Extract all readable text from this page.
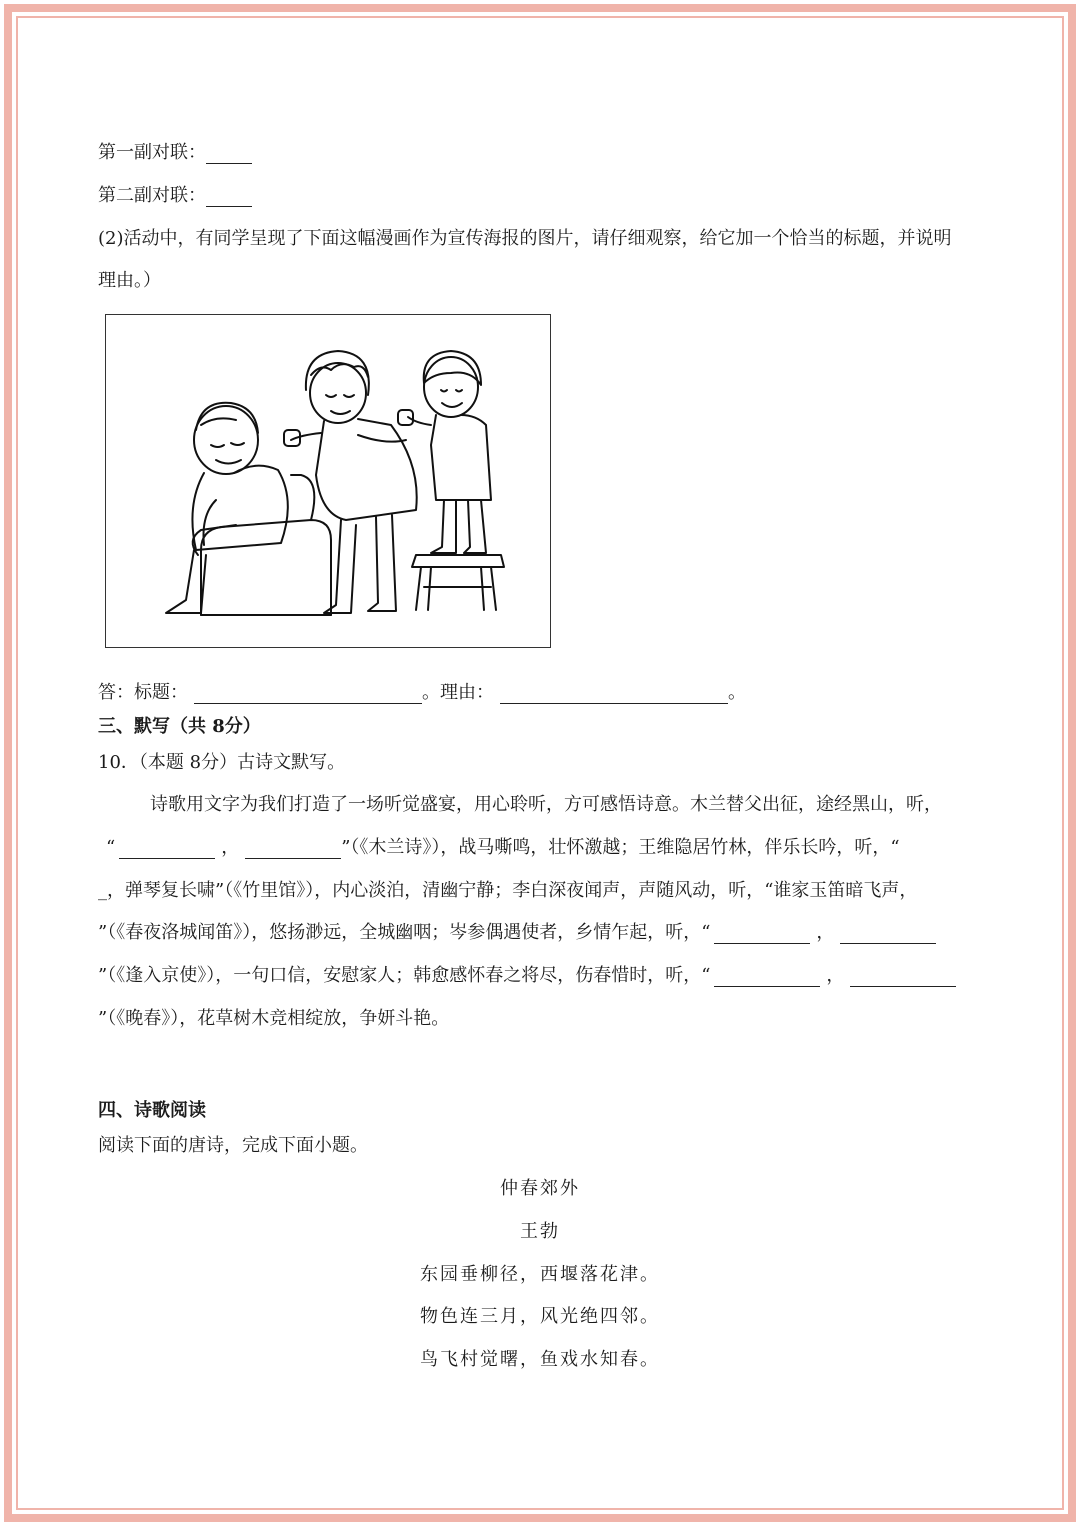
第一副对联：
第二副对联：
(2)活动中，有同学呈现了下面这幅漫画作为宣传海报的图片，请仔细观察，给它加一个恰当的标题，并说明
理由。）
答：标题：	。理由：	。
三、默写（共 8分）
10．（本题 8分）古诗文默写。
诗歌用文字为我们打造了一场听觉盛宴，用心聆听，方可感悟诗意。木兰替父出征，途经黑山，听，
“	，	”（《木兰诗》），战马嘶鸣，壮怀激越；王维隐居竹林，伴乐长吟，听，“
_，弹琴复长啸”（《竹里馆》），内心淡泊，清幽宁静；李白深夜闻声，声随风动，听，“谁家玉笛暗飞声，
”（《春夜洛城闻笛》），悠扬渺远，全城幽咽；岑参偶遇使者，乡情乍起，听，“	，
”（《逢入京使》），一句口信，安慰家人；韩愈感怀春之将尽，伤春惜时，听，“	，
”（《晚春》），花草树木竞相绽放，争妍斗艳。
四、诗歌阅读
阅读下面的唐诗，完成下面小题。
仲春郊外
王勃
东园垂柳径，西堰落花津。
物色连三月，风光绝四邻。
鸟飞村觉曙，鱼戏水知春。
